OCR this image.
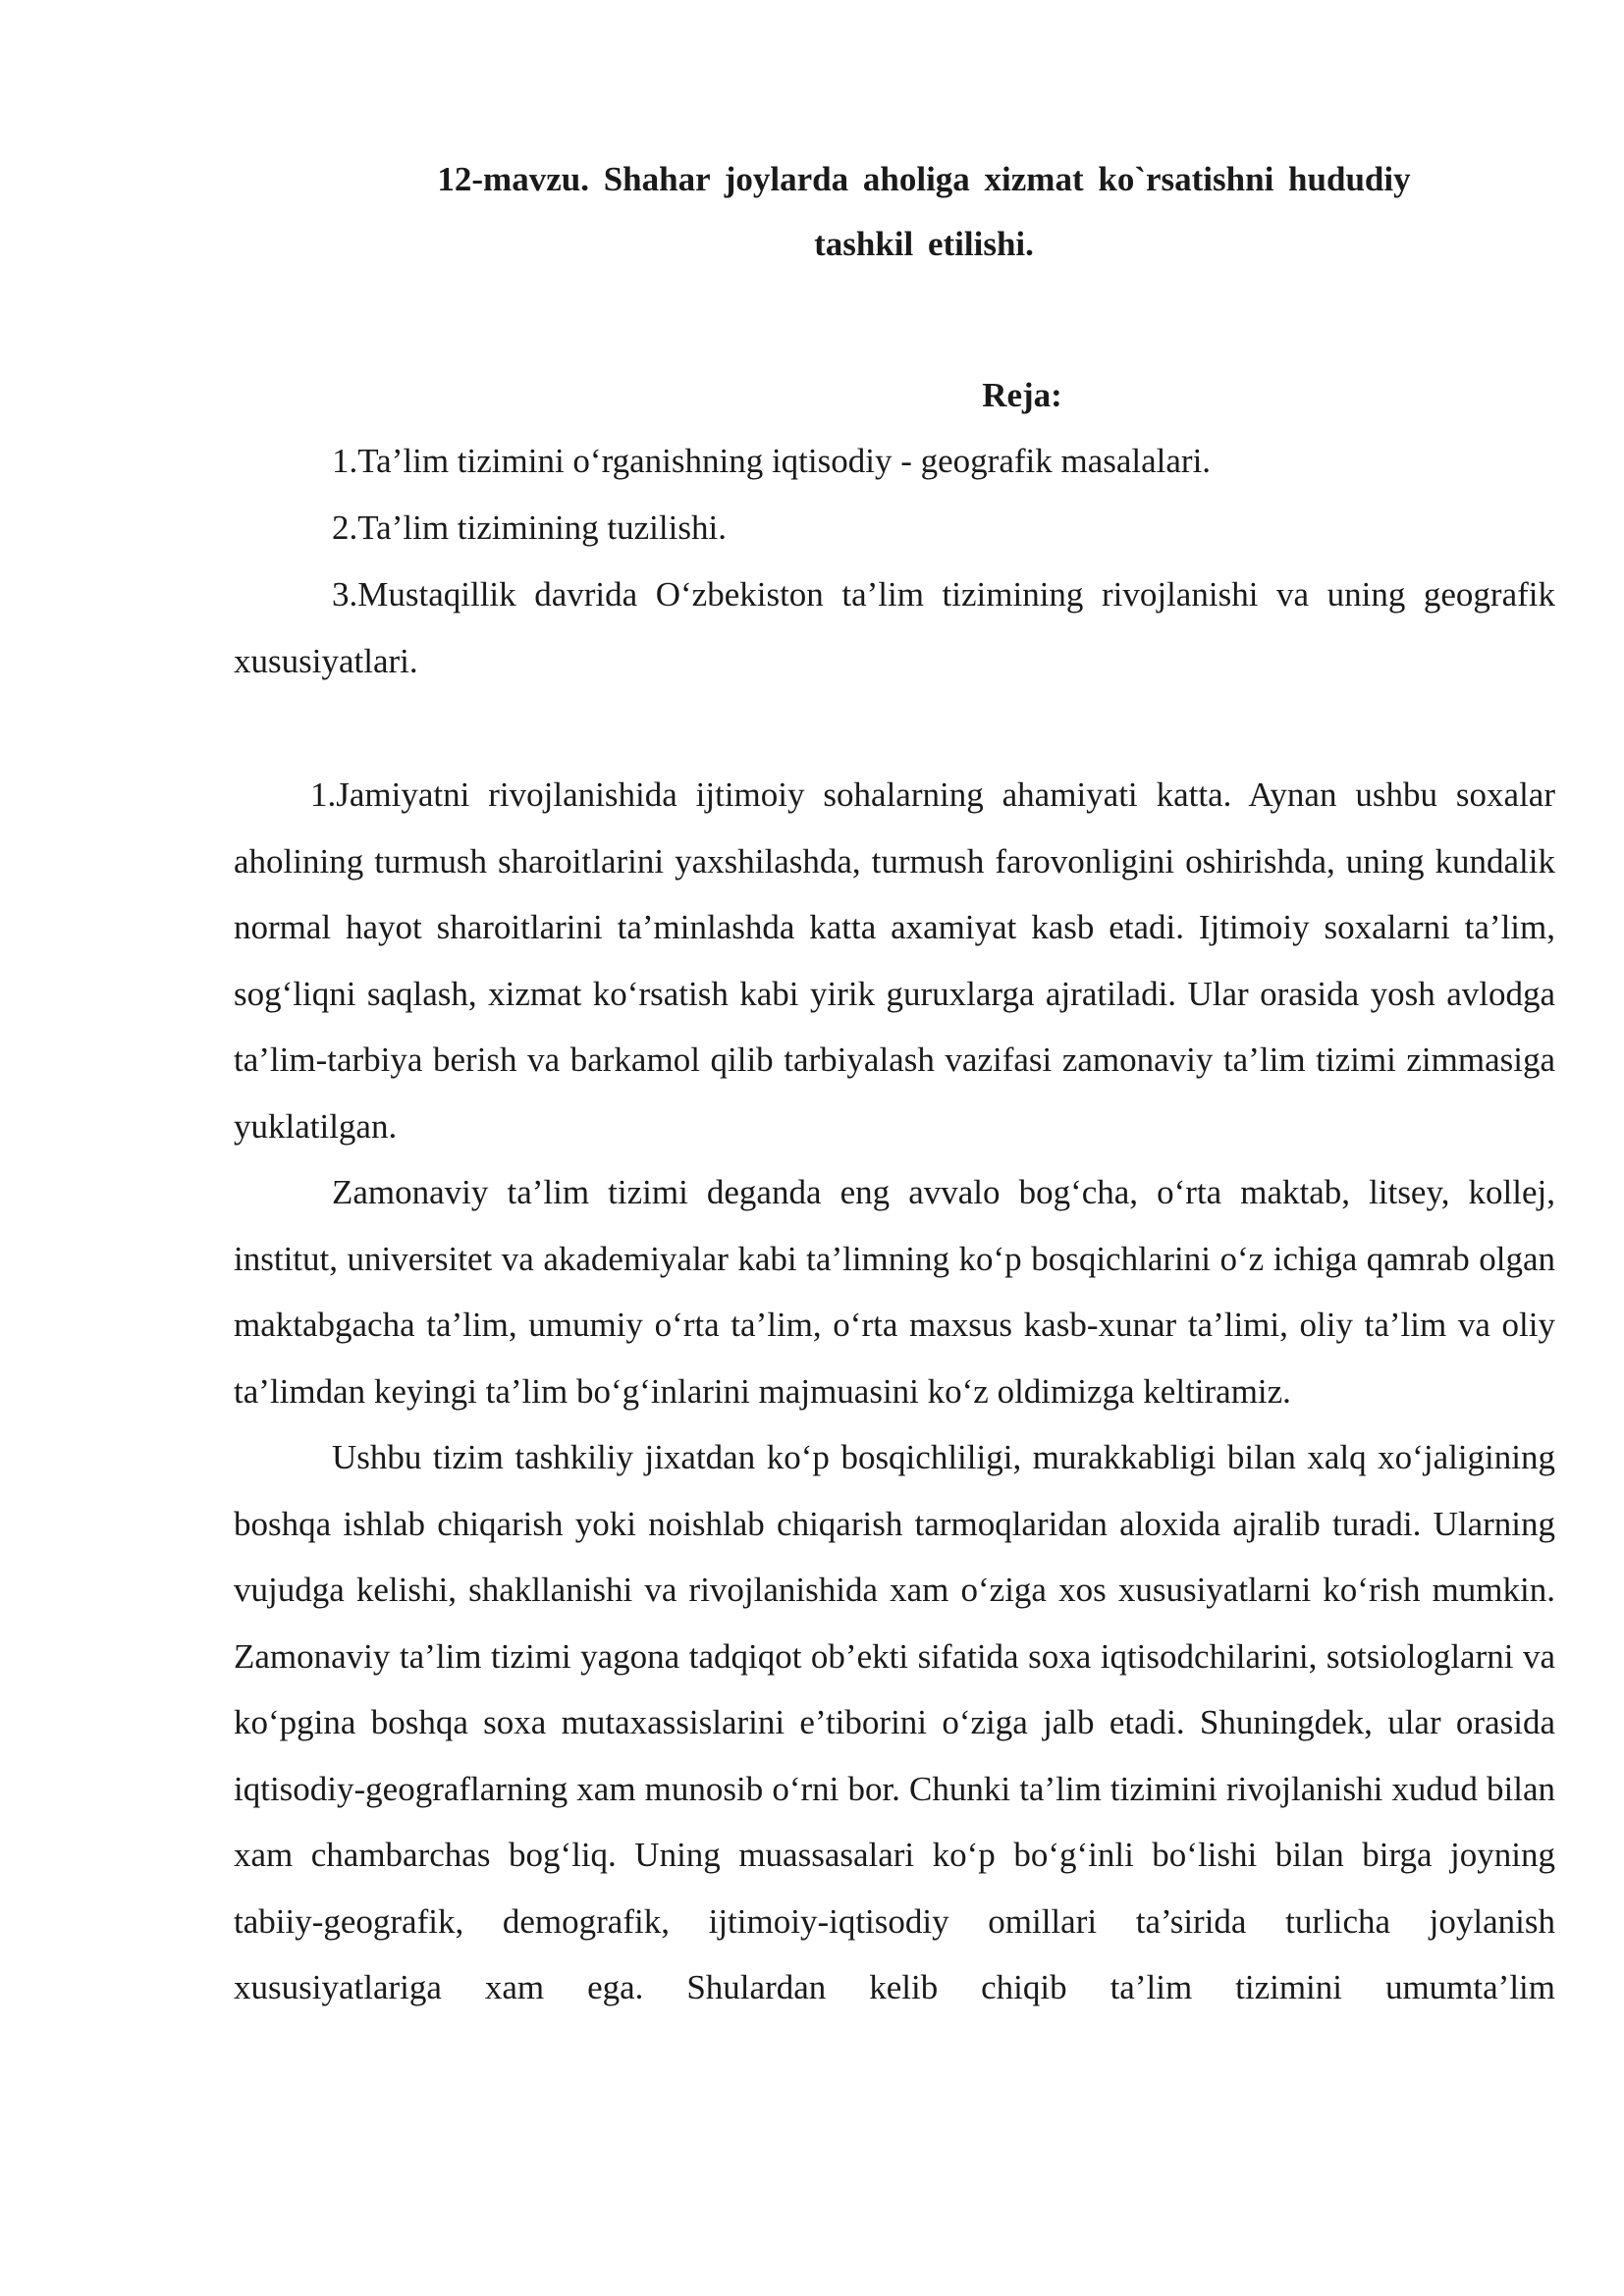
12-mavzu. Shahar joylarda aholiga xizmat ko`rsatishni hududiy
tashkil etilishi.
Reja:
1.Ta’lim tizimini o‘rganishning iqtisodiy - geografik masalalari.
2.Ta’lim tizimining tuzilishi.
3.Mustaqillik davrida O‘zbekiston ta’lim tizimining rivojlanishi va uning geografik xususiyatlari.

1.Jamiyatni rivojlanishida ijtimoiy sohalarning ahamiyati katta. Aynan ushbu soxalar aholining turmush sharoitlarini yaxshilashda, turmush farovonligini oshirishda, uning kundalik normal hayot sharoitlarini ta’minlashda katta axamiyat kasb etadi. Ijtimoiy soxalarni ta’lim, sog‘liqni saqlash, xizmat ko‘rsatish kabi yirik guruxlarga ajratiladi. Ular orasida yosh avlodga ta’lim-tarbiya berish va barkamol qilib tarbiyalash vazifasi zamonaviy ta’lim tizimi zimmasiga yuklatilgan.

Zamonaviy ta’lim tizimi deganda eng avvalo bog‘cha, o‘rta maktab, litsey, kollej, institut, universitet va akademiyalar kabi ta’limning ko‘p bosqichlarini o‘z ichiga qamrab olgan maktabgacha ta’lim, umumiy o‘rta ta’lim, o‘rta maxsus kasb-xunar ta’limi, oliy ta’lim va oliy ta’limdan keyingi ta’lim bo‘g‘inlarini majmuasini ko‘z oldimizga keltiramiz.

Ushbu tizim tashkiliy jixatdan ko‘p bosqichliligi, murakkabligi bilan xalq xo‘jaligining boshqa ishlab chiqarish yoki noishlab chiqarish tarmoqlaridan aloxida ajralib turadi. Ularning vujudga kelishi, shakllanishi va rivojlanishida xam o‘ziga xos xususiyatlarni ko‘rish mumkin. Zamonaviy ta’lim tizimi yagona tadqiqot ob’ekti sifatida soxa iqtisodchilarini, sotsiologlarni va ko‘pgina boshqa soxa mutaxassislarini e’tiborini o‘ziga jalb etadi. Shuningdek, ular orasida iqtisodiy-geograflarning xam munosib o‘rni bor. Chunki ta’lim tizimini rivojlanishi xudud bilan xam chambarchas bog‘liq. Uning muassasalari ko‘p bo‘g‘inli bo‘lishi bilan birga joyning tabiiy-geografik, demografik, ijtimoiy-iqtisodiy omillari ta’sirida turlicha joylanish xususiyatlariga xam ega. Shulardan kelib chiqib ta’lim tizimini umumta’lim
